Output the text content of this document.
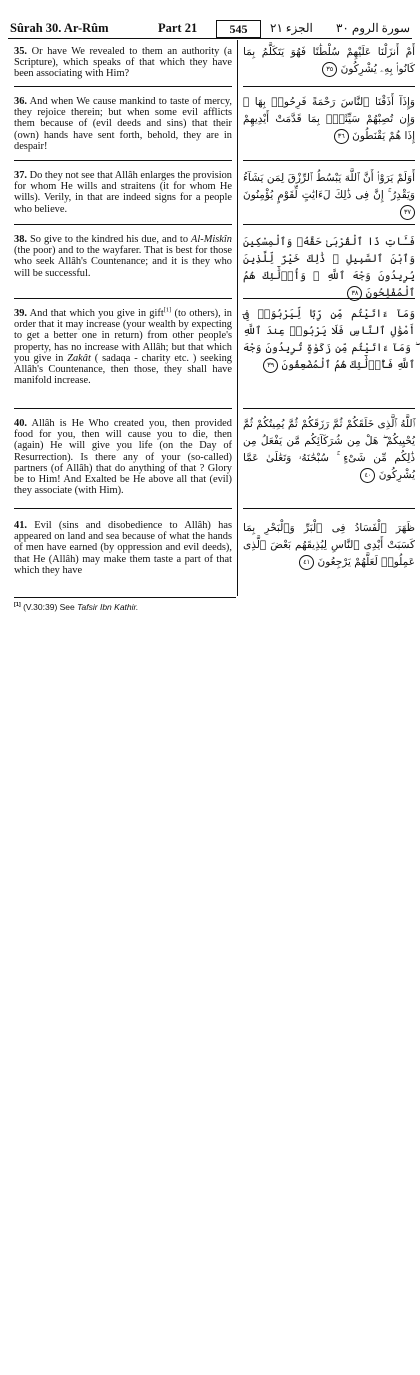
Sûrah 30. Ar-Rûm	Part 21	545	الجزء ٢١ سورة الروم ٣٠

35. Or have We revealed to them an authority (a Scripture), which speaks of that which they have been associating with Him?

أَمْ أَنزَلْنَا عَلَيْهِمْ سُلْطَٰنًا فَهُوَ يَتَكَلَّمُ بِمَا كَانُوا۟ بِهِۦ يُشْرِكُونَ ٣٥

36. And when We cause mankind to taste of mercy, they rejoice therein; but when some evil afflicts them because of (evil deeds and sins) that their (own) hands have sent forth, behold, they are in despair!

وَإِذَآ أَذَقْنَا ٱلنَّاسَ رَحْمَةً فَرِحُوا۟ بِهَا ۖ وَإِن تُصِبْهُمْ سَيِّئَةٌۢ بِمَا قَدَّمَتْ أَيْدِيهِمْ إِذَا هُمْ يَقْنَطُونَ ٣٦

37. Do they not see that Allâh enlarges the provision for whom He wills and straitens (it for whom He wills). Verily, in that are indeed signs for a people who believe.

أَوَلَمْ يَرَوْا۟ أَنَّ ٱللَّهَ يَبْسُطُ ٱلرِّزْقَ لِمَن يَشَآءُ وَيَقْدِرُ ۚ إِنَّ فِى ذَٰلِكَ لَءَايَٰتٍ لِّقَوْمٍ يُؤْمِنُونَ ٣٧

38. So give to the kindred his due, and to Al-Miskîn (the poor) and to the wayfarer. That is best for those who seek Allâh's Countenance; and it is they who will be successful.

فَـَٔاتِ ذَا ٱلْقُرْبَىٰ حَقَّهُۥ وَٱلْمِسْكِينَ وَٱبْنَ ٱلسَّبِيلِ ۚ ذَٰلِكَ خَيْرٌ لِّلَّذِينَ يُرِيدُونَ وَجْهَ ٱللَّهِ ۖ وَأُو۟لَٰٓئِكَ هُمُ ٱلْمُفْلِحُونَ ٣٨

39. And that which you give in gift[1] (to others), in order that it may increase (your wealth by expecting to get a better one in return) from other people's property, has no increase with Allâh; but that which you give in Zakât ( sadaqa - charity etc. ) seeking Allâh's Countenance, then those, they shall have manifold increase.

وَمَآ ءَاتَيْتُم مِّن رِّبًا لِّيَرْبُوَا۟ فِىٓ أَمْوَٰلِ ٱلنَّاسِ فَلَا يَرْبُوا۟ عِندَ ٱللَّهِ ۖ وَمَآ ءَاتَيْتُم مِّن زَكَوٰةٍ تُرِيدُونَ وَجْهَ ٱللَّهِ فَأُو۟لَٰٓئِكَ هُمُ ٱلْمُضْعِفُونَ ٣٩

40. Allâh is He Who created you, then provided food for you, then will cause you to die, then (again) He will give you life (on the Day of Resurrection). Is there any of your (so-called) partners (of Allâh) that do anything of that ? Glory be to Him! And Exalted be He above all that (evil) they associate (with Him).

ٱللَّهُ ٱلَّذِى خَلَقَكُمْ ثُمَّ رَزَقَكُمْ ثُمَّ يُمِيتُكُمْ ثُمَّ يُحْيِيكُمْ ۖ هَلْ مِن شُرَكَآئِكُم مَّن يَفْعَلُ مِن ذَٰلِكُم مِّن شَىْءٍ ۚ سُبْحَٰنَهُۥ وَتَعَٰلَىٰ عَمَّا يُشْرِكُونَ ٤٠

41. Evil (sins and disobedience to Allâh) has appeared on land and sea because of what the hands of men have earned (by oppression and evil deeds), that He (Allâh) may make them taste a part of that which they have

ظَهَرَ ٱلْفَسَادُ فِى ٱلْبَرِّ وَٱلْبَحْرِ بِمَا كَسَبَتْ أَيْدِى ٱلنَّاسِ لِيُذِيقَهُم بَعْضَ ٱلَّذِى عَمِلُوا۟ لَعَلَّهُمْ يَرْجِعُونَ ٤١

[1] (V.30:39) See Tafsir Ibn Kathir.
